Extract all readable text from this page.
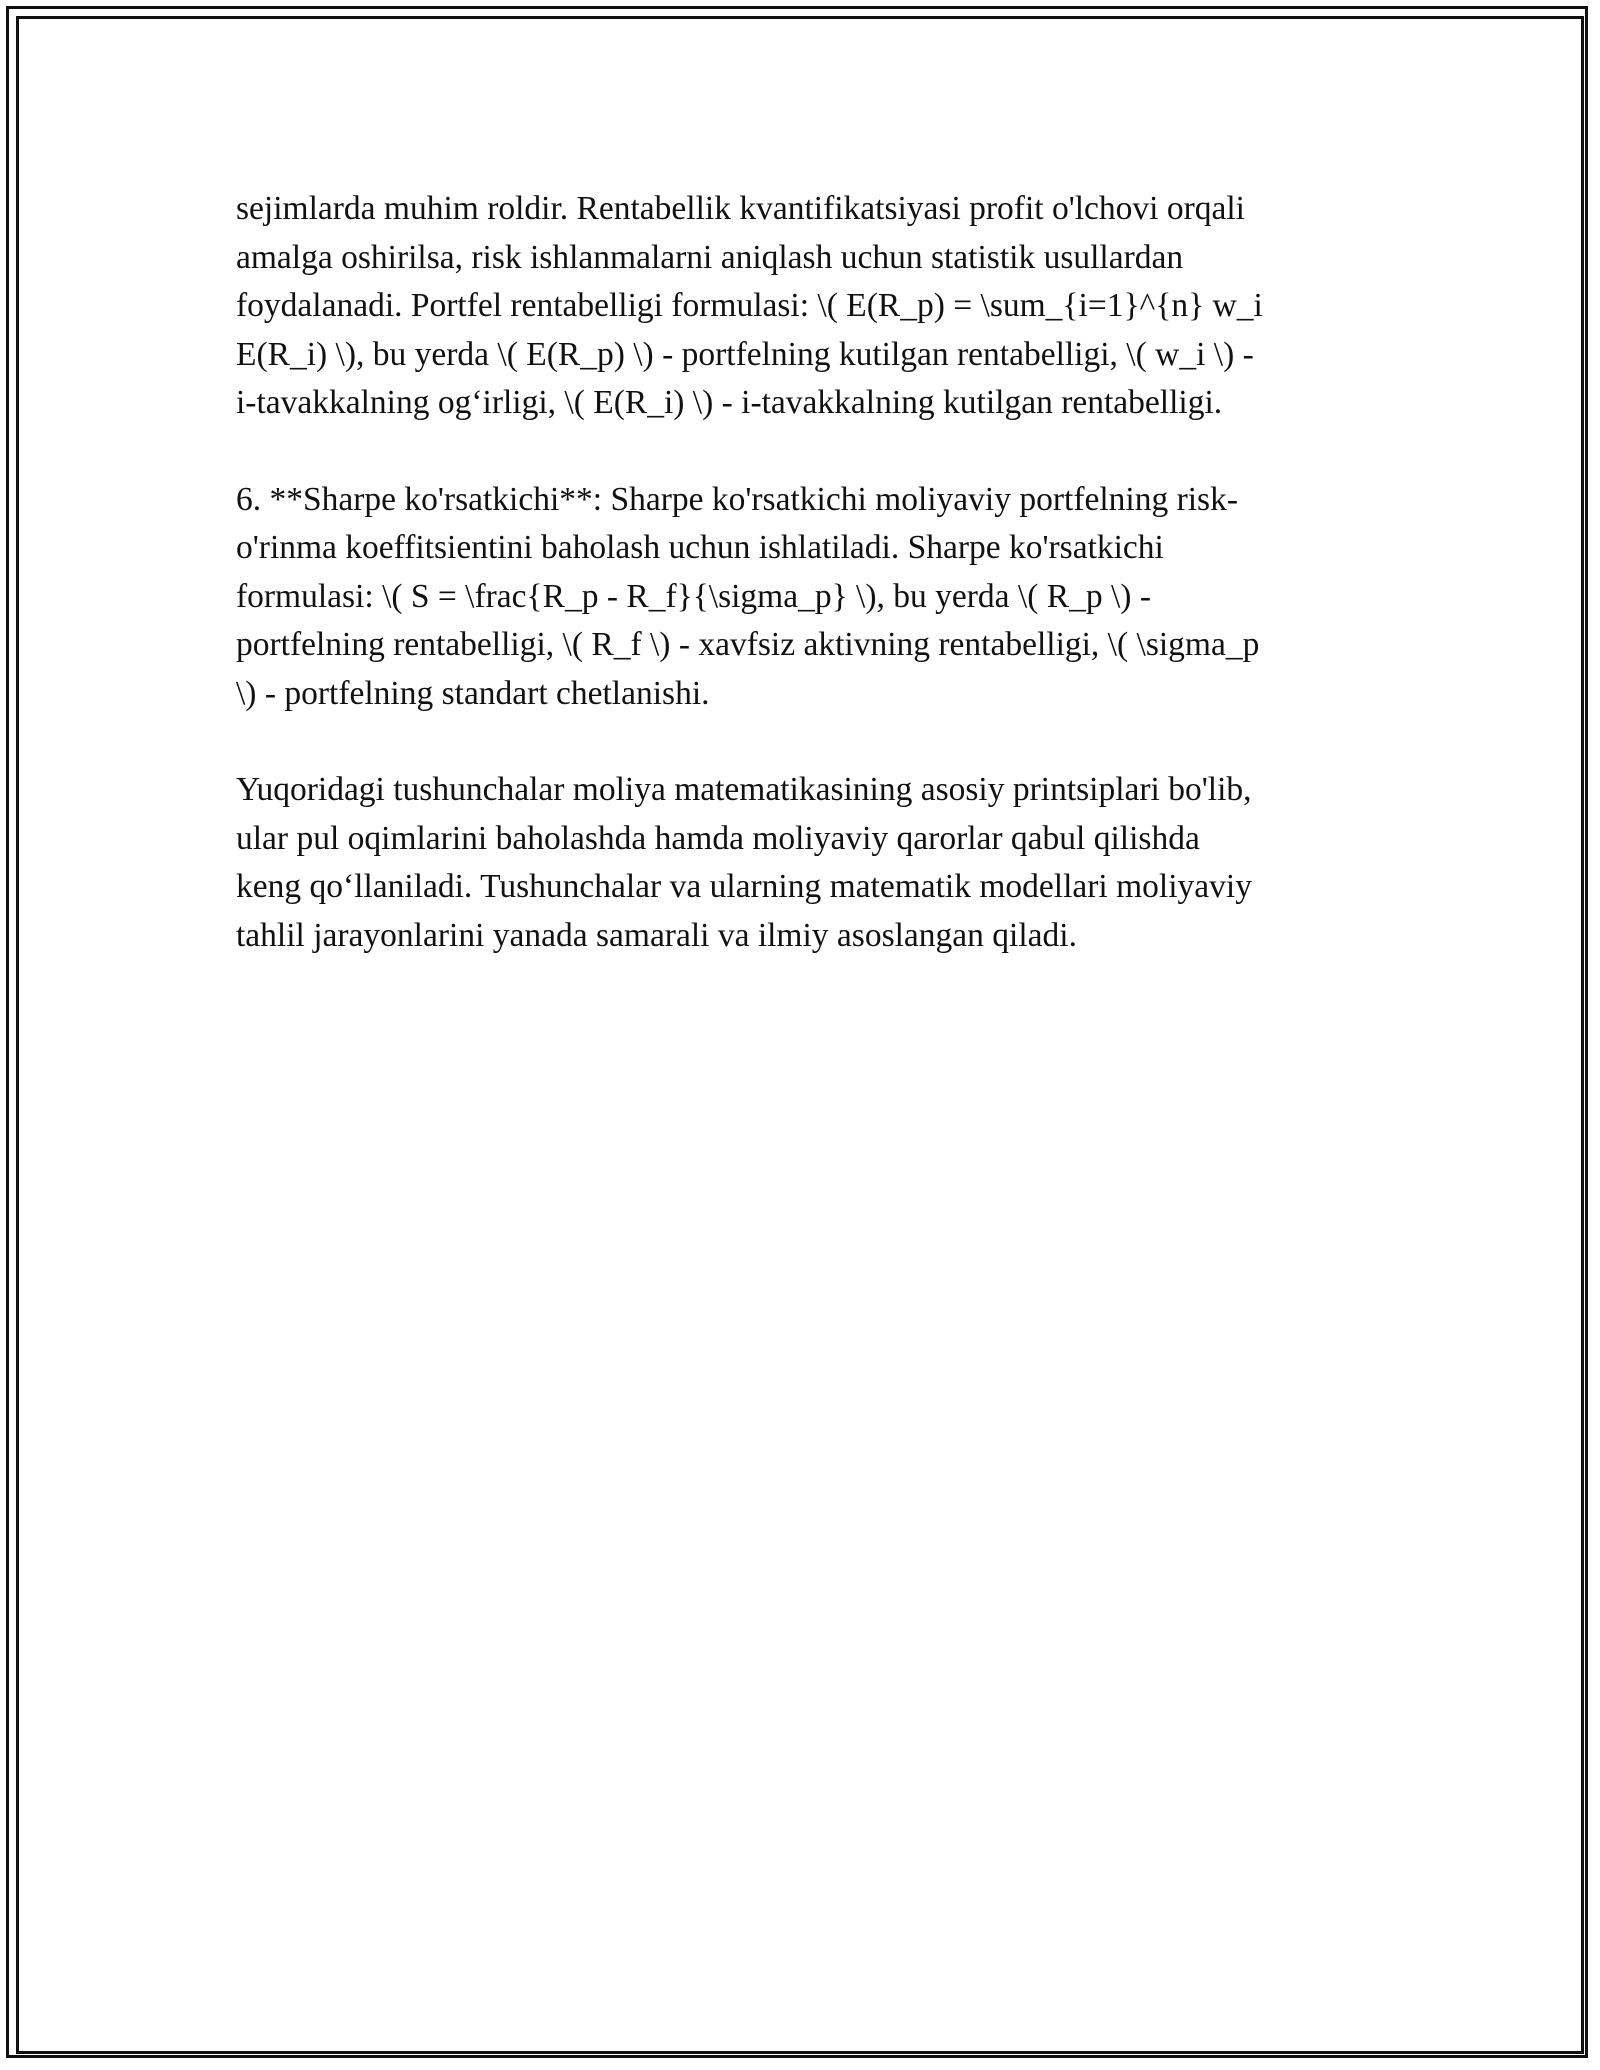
sejimlarda muhim roldir. Rentabellik kvantifikatsiyasi profit o'lchovi orqali
amalga oshirilsa, risk ishlanmalarni aniqlash uchun statistik usullardan
foydalanadi. Portfel rentabelligi formulasi: \( E(R_p) = \sum_{i=1}^{n} w_i
E(R_i) \), bu yerda \( E(R_p) \) - portfelning kutilgan rentabelligi, \( w_i \) -
i-tavakkalning og‘irligi, \( E(R_i) \) - i-tavakkalning kutilgan rentabelligi.

6. **Sharpe ko'rsatkichi**: Sharpe ko'rsatkichi moliyaviy portfelning risk-
o'rinma koeffitsientini baholash uchun ishlatiladi. Sharpe ko'rsatkichi
formulasi: \( S = \frac{R_p - R_f}{\sigma_p} \), bu yerda \( R_p \) -
portfelning rentabelligi, \( R_f \) - xavfsiz aktivning rentabelligi, \( \sigma_p
\) - portfelning standart chetlanishi.

Yuqoridagi tushunchalar moliya matematikasining asosiy printsiplari bo'lib,
ular pul oqimlarini baholashda hamda moliyaviy qarorlar qabul qilishda
keng qo‘llaniladi. Tushunchalar va ularning matematik modellari moliyaviy
tahlil jarayonlarini yanada samarali va ilmiy asoslangan qiladi.
